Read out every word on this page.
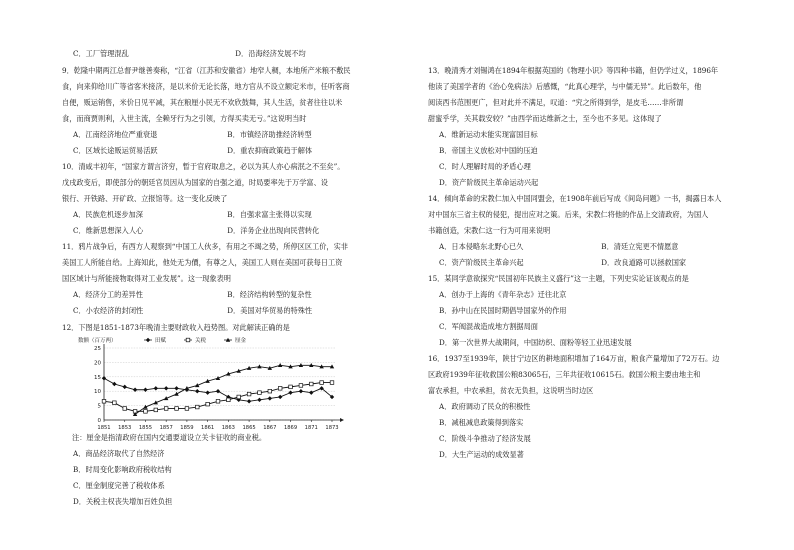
C．工厂管理混乱	D．沿海经济发展不均
9．乾隆中期两江总督尹继善奏称，“江省（江苏和安徽省）地窄人稠，本地所产米粮不敷民
食，向来仰给川广等省客米接济，是以米价无论长落，地方官从不设立额定米市，任听客商
自便，贩运销售，米价日见平减，其在粮厘小民无不欢欣鼓舞，其人生活，贫者往往以米
食，而商贾则利，入世主流，全赖牙行为之引领，方得买卖无亏。”这说明当时
A．江南经济地位严重衰退	B．市镇经济助推经济转型
C．区域长途贩运贸易活跃	D．重农抑商政策趋于解体
10．清咸丰初年，“国家方谓言济穷，暂于官府取息之，必以为其人亦心病泯之不至矣”。
戊戌政变后，即使部分的朝廷官员因从为国家的自强之道，时局要率先于万学富、设
银行、开铁路、开矿政、立报馆等。这一变化反映了
A．民族危机逐步加深	B．自强求富主张得以实现
C．维新思想深入人心	D．洋务企业出现向民营转化
11．鸦片战争后，有西方人观察到“中国工人伙多，有用之不竭之势，所停区区工价，实非
美国工人所能自给。上海知此，他处无为價，有尊之人，美国工人则在美国可获每日工资
国区域计与所能接物取得对工业发展”。这一现象表明
A．经济分工的差异性	B．经济结构转型的复杂性
C．小农经济的封闭性	D．美国对华贸易的特殊性
12．下图是1851-1873年晚清主要财政收入趋势图。对此解读正确的是
数额（百万两）	田赋	关税	厘金
0
5
10
15
20
25
1851 1853 1855 1857 1859 1861 1863 1865 1867 1869 1871 1873
注：厘金是指清政府在国内交通要道设立关卡征收的商业税。
A．商品经济取代了自然经济
B．时局变化影响政府税收结构
C．厘金制度完善了税收体系
D．关税主权丧失增加百姓负担
13．晚清秀才刘锡鸿在1894年根据英国的《物理小识》等四种书籍，但仍学过义，1896年
他读了美国学者的《治心免病法》后感慨，“此真心理学，与中儒无异”。此后数年，他
阅读西书范围更广，但对此并不满足，叹道：“究之所得到学，是皮毛……非所谓
甜蜜乎学，关其载安较？”由西学而达维新之士，至今也不多见。这体现了
A．维新运动未能实现富国目标
B．帝国主义放松对中国的压迫
C．时人理解时局的矛盾心理
D．资产阶级民主革命运动兴起
14．倾向革命的宋教仁加入中国同盟会，在1908年前后写成《间岛问题》一书，揭露日本人
对中国东三省主权的侵犯，提出应对之策。后来，宋教仁将他的作品上交清政府，为国人
书籍创造，宋教仁这一行为可用来说明
A．日本侵略东北野心已久	B．清廷立宪更不情愿意
C．资产阶级民主革命兴起	D．改良道路可以拯救国家
15．某同学意欲探究“民国初年民族主义盛行”这一主题，下列史实论证该观点的是
A．创办于上海的《青年杂志》迁往北京
B．孙中山在民国时期倡导国家外的作用
C．军阀混战造成地方割据局面
D．第一次世界大战期间，中国纺织、面粉等轻工业迅速发展
16．1937至1939年，陕甘宁边区的耕地面积增加了164万亩，粮食产量增加了72万石。边
区政府1939年征收救国公粮83065石，三年共征收10615石。救国公粮主要由地主和
富农承担，中农承担，贫农无负担，这说明当时边区
A．政府调动了民众的积极性
B．减租减息政策得到落实
C．阶级斗争推动了经济发展
D．大生产运动的成效显著
